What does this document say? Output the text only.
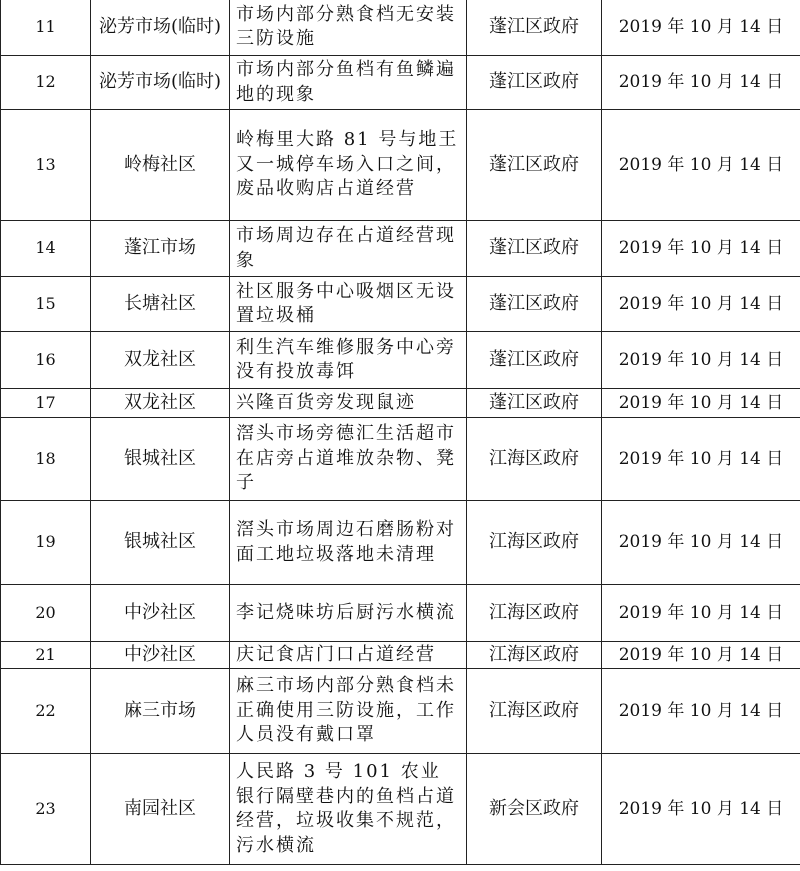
11	泌芳市场(临时)	市场内部分熟食档无安装三防设施	蓬江区政府	2019 年 10 月 14 日
12	泌芳市场(临时)	市场内部分鱼档有鱼鳞遍地的现象	蓬江区政府	2019 年 10 月 14 日
13	岭梅社区	岭梅里大路 81 号与地王又一城停车场入口之间，废品收购店占道经营	蓬江区政府	2019 年 10 月 14 日
14	蓬江市场	市场周边存在占道经营现象	蓬江区政府	2019 年 10 月 14 日
15	长塘社区	社区服务中心吸烟区无设置垃圾桶	蓬江区政府	2019 年 10 月 14 日
16	双龙社区	利生汽车维修服务中心旁没有投放毒饵	蓬江区政府	2019 年 10 月 14 日
17	双龙社区	兴隆百货旁发现鼠迹	蓬江区政府	2019 年 10 月 14 日
18	银城社区	滘头市场旁德汇生活超市在店旁占道堆放杂物、凳子	江海区政府	2019 年 10 月 14 日
19	银城社区	滘头市场周边石磨肠粉对面工地垃圾落地未清理	江海区政府	2019 年 10 月 14 日
20	中沙社区	李记烧味坊后厨污水横流	江海区政府	2019 年 10 月 14 日
21	中沙社区	庆记食店门口占道经营	江海区政府	2019 年 10 月 14 日
22	麻三市场	麻三市场内部分熟食档未正确使用三防设施，工作人员没有戴口罩	江海区政府	2019 年 10 月 14 日
23	南园社区	人民路 3 号 101 农业银行隔壁巷内的鱼档占道经营，垃圾收集不规范，污水横流	新会区政府	2019 年 10 月 14 日
